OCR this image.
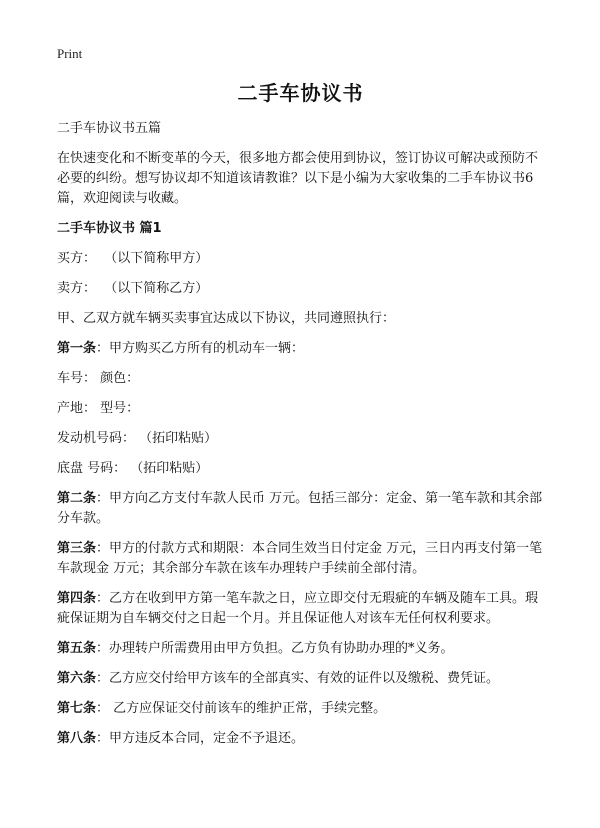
Print
二手车协议书
二手车协议书五篇
在快速变化和不断变革的今天，很多地方都会使用到协议，签订协议可解决或预防不必要的纠纷。想写协议却不知道该请教谁？以下是小编为大家收集的二手车协议书6篇，欢迎阅读与收藏。
二手车协议书 篇1
买方：  （以下简称甲方）
卖方：  （以下简称乙方）
甲、乙双方就车辆买卖事宜达成以下协议，共同遵照执行：
第一条：甲方购买乙方所有的机动车一辆：
车号： 颜色：
产地： 型号：
发动机号码： （拓印粘贴）
底盘 号码： （拓印粘贴）
第二条：甲方向乙方支付车款人民币 万元。包括三部分：定金、第一笔车款和其余部分车款。
第三条：甲方的付款方式和期限：本合同生效当日付定金 万元，三日内再支付第一笔车款现金 万元；其余部分车款在该车办理转户手续前全部付清。
第四条：乙方在收到甲方第一笔车款之日，应立即交付无瑕疵的车辆及随车工具。瑕疵保证期为自车辆交付之日起一个月。并且保证他人对该车无任何权利要求。
第五条：办理转户所需费用由甲方负担。乙方负有协助办理的*义务。
第六条：乙方应交付给甲方该车的全部真实、有效的证件以及缴税、费凭证。
第七条： 乙方应保证交付前该车的维护正常，手续完整。
第八条：甲方违反本合同，定金不予退还。
